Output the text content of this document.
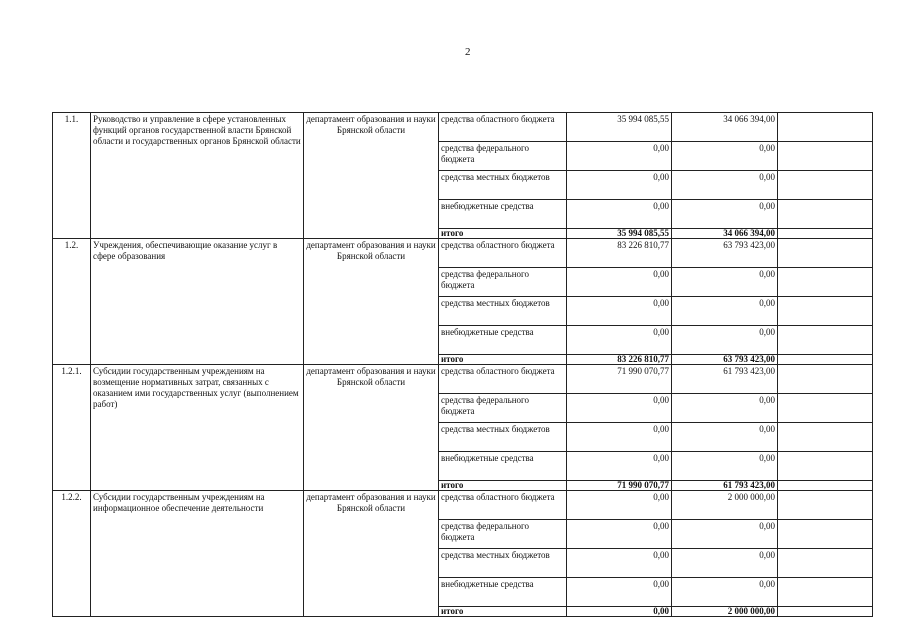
2
1.1.	Руководство и управление в сфере установленных функций органов государственной власти Брянской области и государственных органов Брянской области	департамент образования и науки Брянской области	средства областного бюджета	35 994 085,55	34 066 394,00	
			средства федерального бюджета	0,00	0,00	
			средства местных бюджетов	0,00	0,00	
			внебюджетные средства	0,00	0,00	
			итого	35 994 085,55	34 066 394,00	
1.2.	Учреждения, обеспечивающие оказание услуг в сфере образования	департамент образования и науки Брянской области	средства областного бюджета	83 226 810,77	63 793 423,00	
			средства федерального бюджета	0,00	0,00	
			средства местных бюджетов	0,00	0,00	
			внебюджетные средства	0,00	0,00	
			итого	83 226 810,77	63 793 423,00	
1.2.1.	Субсидии государственным учреждениям на возмещение нормативных затрат, связанных с оказанием ими государственных услуг (выполнением работ)	департамент образования и науки Брянской области	средства областного бюджета	71 990 070,77	61 793 423,00	
			средства федерального бюджета	0,00	0,00	
			средства местных бюджетов	0,00	0,00	
			внебюджетные средства	0,00	0,00	
			итого	71 990 070,77	61 793 423,00	
1.2.2.	Субсидии государственным учреждениям на информационное обеспечение деятельности	департамент образования и науки Брянской области	средства областного бюджета	0,00	2 000 000,00	
			средства федерального бюджета	0,00	0,00	
			средства местных бюджетов	0,00	0,00	
			внебюджетные средства	0,00	0,00	
			итого	0,00	2 000 000,00	
